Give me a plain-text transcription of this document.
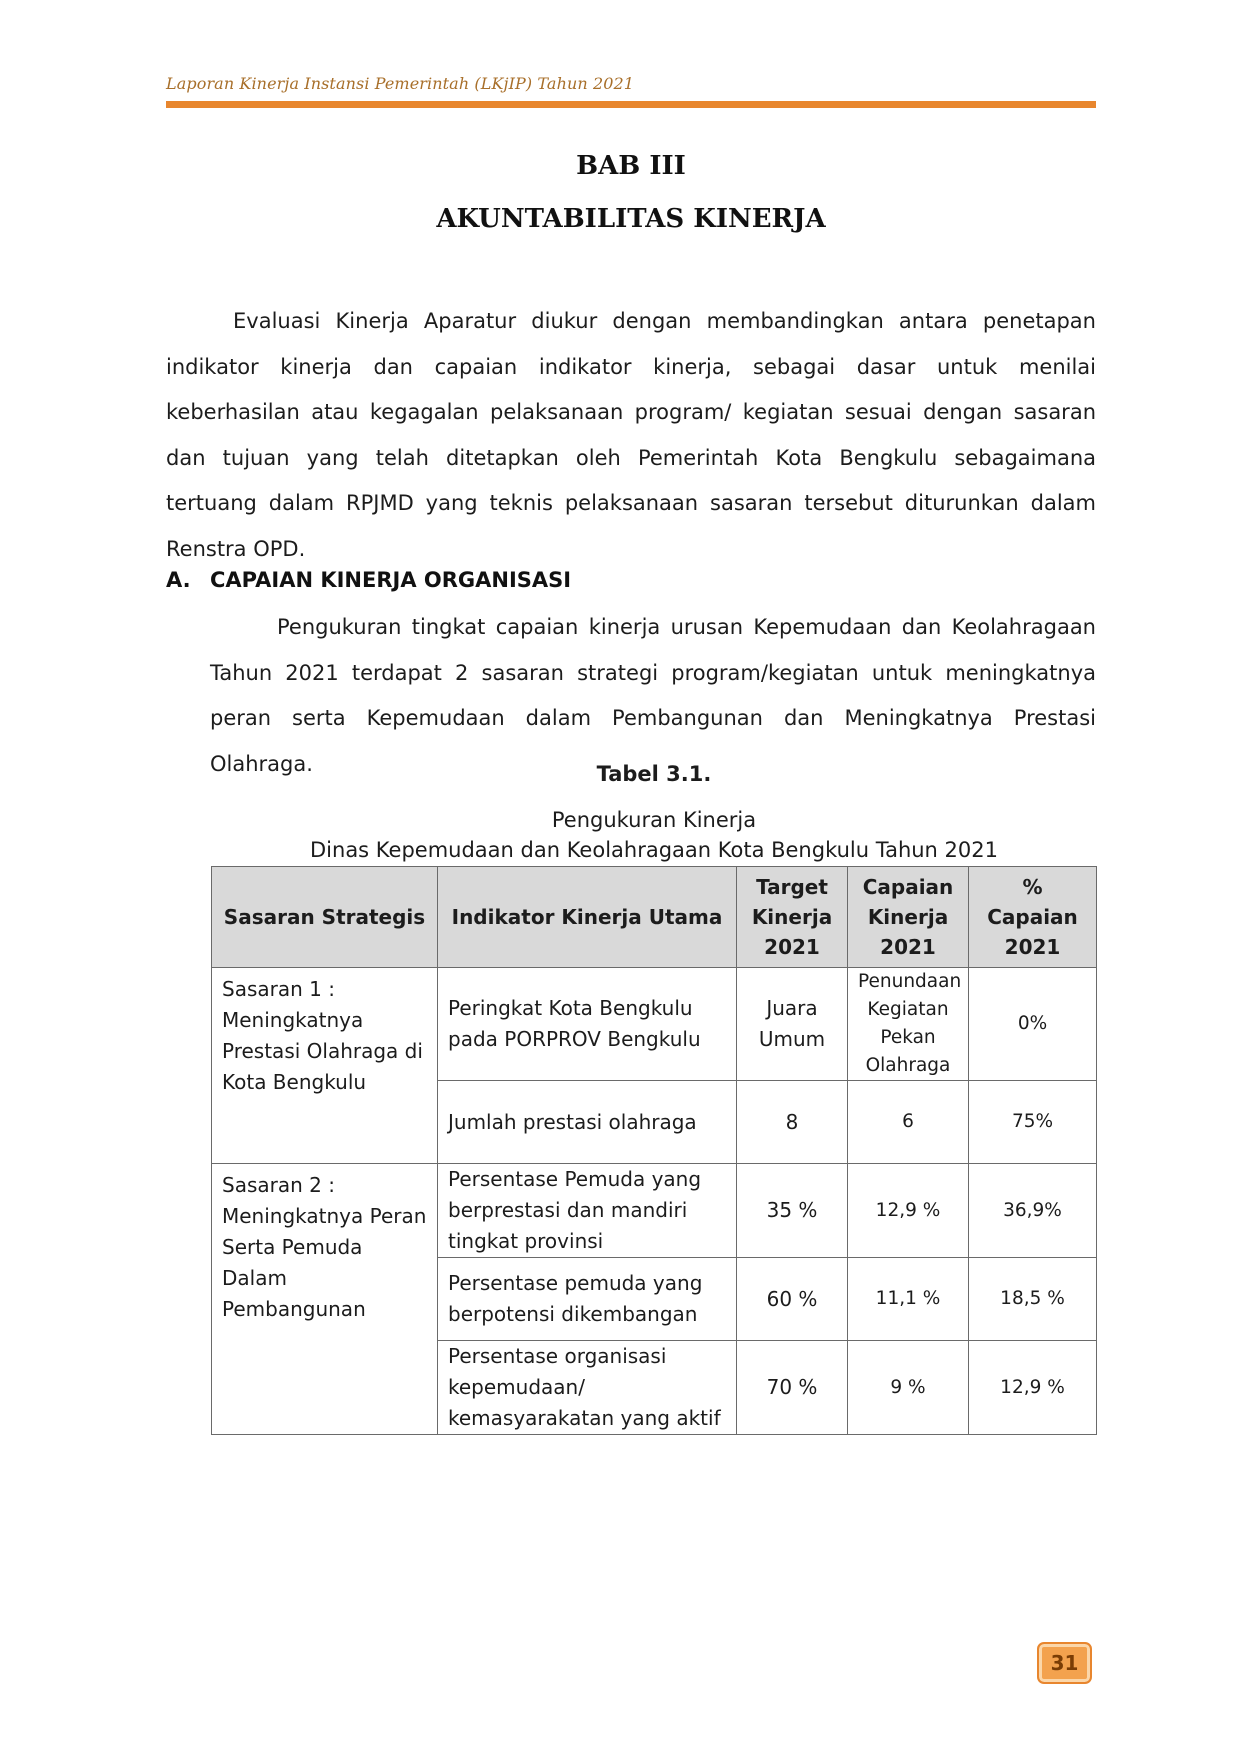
Laporan Kinerja Instansi Pemerintah (LKjIP) Tahun 2021
BAB III
AKUNTABILITAS KINERJA

Evaluasi Kinerja Aparatur diukur dengan membandingkan antara penetapan indikator kinerja dan capaian indikator kinerja, sebagai dasar untuk menilai keberhasilan atau kegagalan pelaksanaan program/ kegiatan sesuai dengan sasaran dan tujuan yang telah ditetapkan oleh Pemerintah Kota Bengkulu sebagaimana tertuang dalam RPJMD yang teknis pelaksanaan sasaran tersebut diturunkan dalam Renstra OPD.

A. CAPAIAN KINERJA ORGANISASI

Pengukuran tingkat capaian kinerja urusan Kepemudaan dan Keolahragaan Tahun 2021 terdapat 2 sasaran strategi program/kegiatan untuk meningkatnya peran serta Kepemudaan dalam Pembangunan dan Meningkatnya Prestasi Olahraga.	Tabel 3.1.
Pengukuran Kinerja
Dinas Kepemudaan dan Keolahragaan Kota Bengkulu Tahun 2021
Sasaran Strategis	Indikator Kinerja Utama	Target Kinerja 2021	Capaian Kinerja 2021	% Capaian 2021
Sasaran 1 : Meningkatnya Prestasi Olahraga di Kota Bengkulu	Peringkat Kota Bengkulu pada PORPROV Bengkulu	Juara Umum	Penundaan Kegiatan Pekan Olahraga	0%
	Jumlah prestasi olahraga	8	6	75%
Sasaran 2 : Meningkatnya Peran Serta Pemuda Dalam Pembangunan	Persentase Pemuda yang berprestasi dan mandiri tingkat provinsi	35 %	12,9 %	36,9%
	Persentase pemuda yang berpotensi dikembangan	60 %	11,1 %	18,5 %
	Persentase organisasi kepemudaan/ kemasyarakatan yang aktif	70 %	9 %	12,9 %
31
